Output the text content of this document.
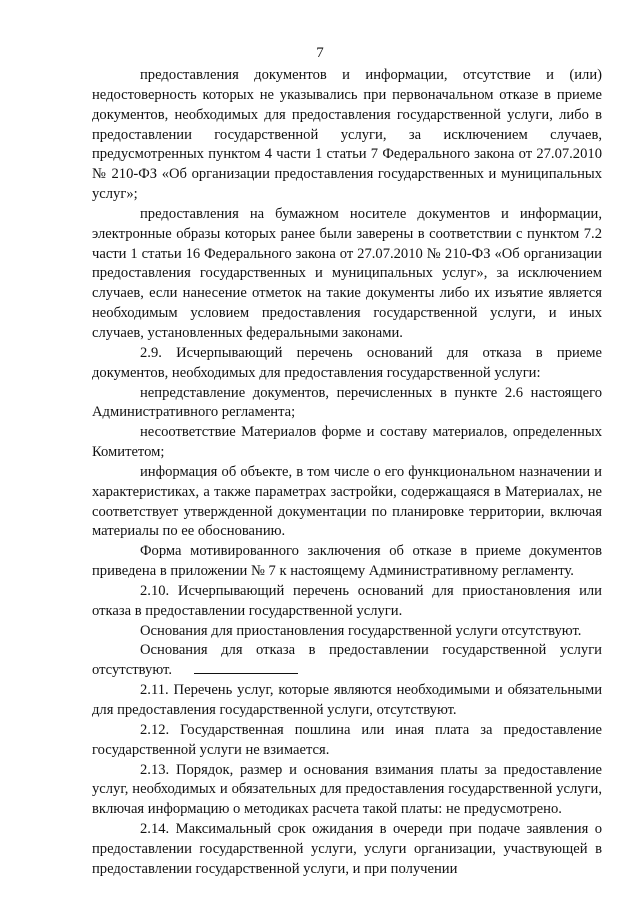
7

предоставления документов и информации, отсутствие и (или) недостоверность которых не указывались при первоначальном отказе в приеме документов, необходимых для предоставления государственной услуги, либо в предоставлении государственной услуги, за исключением случаев, предусмотренных пунктом 4 части 1 статьи 7 Федерального закона от 27.07.2010 № 210-ФЗ «Об организации предоставления государственных и муниципальных услуг»;

предоставления на бумажном носителе документов и информации, электронные образы которых ранее были заверены в соответствии с пунктом 7.2 части 1 статьи 16 Федерального закона от 27.07.2010 № 210-ФЗ «Об организации предоставления государственных и муниципальных услуг», за исключением случаев, если нанесение отметок на такие документы либо их изъятие является необходимым условием предоставления государственной услуги, и иных случаев, установленных федеральными законами.

2.9. Исчерпывающий перечень оснований для отказа в приеме документов, необходимых для предоставления государственной услуги:

непредставление документов, перечисленных в пункте 2.6 настоящего Административного регламента;

несоответствие Материалов форме и составу материалов, определенных Комитетом;

информация об объекте, в том числе о его функциональном назначении и характеристиках, а также параметрах застройки, содержащаяся в Материалах, не соответствует утвержденной документации по планировке территории, включая материалы по ее обоснованию.

Форма мотивированного заключения об отказе в приеме документов приведена в приложении № 7 к настоящему Административному регламенту.

2.10. Исчерпывающий перечень оснований для приостановления или отказа в предоставлении государственной услуги.

Основания для приостановления государственной услуги отсутствуют.

Основания для отказа в предоставлении государственной услуги отсутствуют.

2.11. Перечень услуг, которые являются необходимыми и обязательными для предоставления государственной услуги, отсутствуют.

2.12. Государственная пошлина или иная плата за предоставление государственной услуги не взимается.

2.13. Порядок, размер и основания взимания платы за предоставление услуг, необходимых и обязательных для предоставления государственной услуги, включая информацию о методиках расчета такой платы: не предусмотрено.

2.14. Максимальный срок ожидания в очереди при подаче заявления о предоставлении государственной услуги, услуги организации, участвующей в предоставлении государственной услуги, и при получении
